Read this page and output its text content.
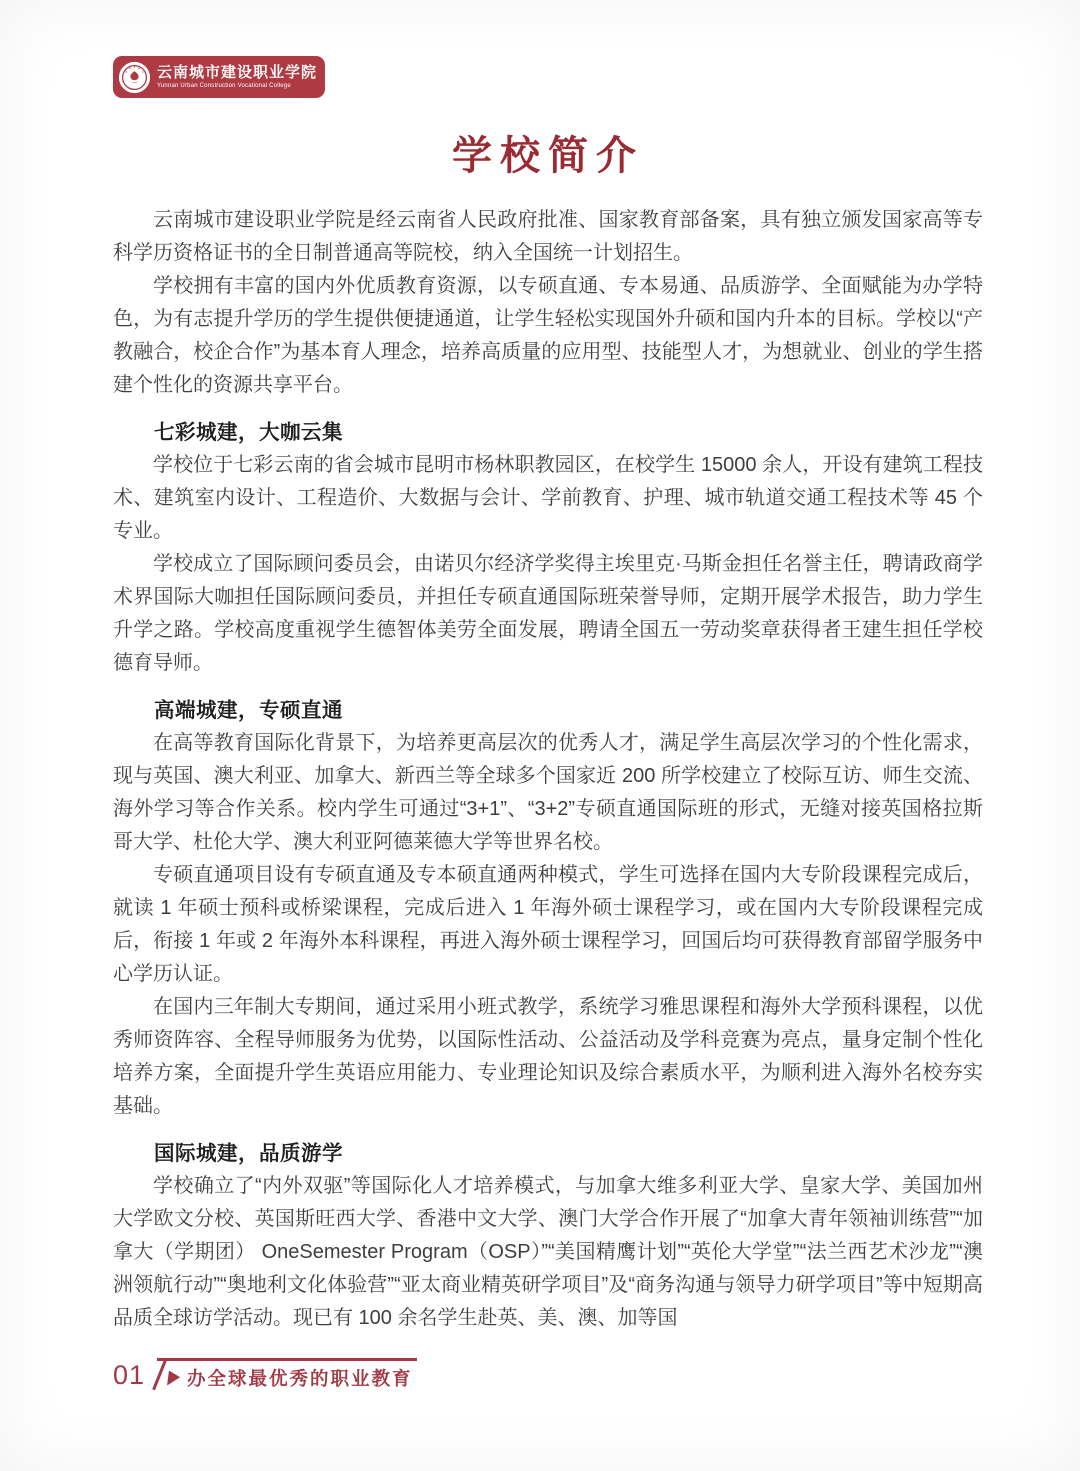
云南城市建设职业学院
Yunnan Urban Construction Vocational College
学校简介

云南城市建设职业学院是经云南省人民政府批准、国家教育部备案，具有独立颁发国家高等专科学历资格证书的全日制普通高等院校，纳入全国统一计划招生。

学校拥有丰富的国内外优质教育资源，以专硕直通、专本易通、品质游学、全面赋能为办学特色，为有志提升学历的学生提供便捷通道，让学生轻松实现国外升硕和国内升本的目标。学校以“产教融合，校企合作”为基本育人理念，培养高质量的应用型、技能型人才，为想就业、创业的学生搭建个性化的资源共享平台。

七彩城建，大咖云集

学校位于七彩云南的省会城市昆明市杨林职教园区，在校学生 15000 余人，开设有建筑工程技术、建筑室内设计、工程造价、大数据与会计、学前教育、护理、城市轨道交通工程技术等 45 个专业。

学校成立了国际顾问委员会，由诺贝尔经济学奖得主埃里克·马斯金担任名誉主任，聘请政商学术界国际大咖担任国际顾问委员，并担任专硕直通国际班荣誉导师，定期开展学术报告，助力学生升学之路。学校高度重视学生德智体美劳全面发展，聘请全国五一劳动奖章获得者王建生担任学校德育导师。

高端城建，专硕直通

在高等教育国际化背景下，为培养更高层次的优秀人才，满足学生高层次学习的个性化需求，现与英国、澳大利亚、加拿大、新西兰等全球多个国家近 200 所学校建立了校际互访、师生交流、海外学习等合作关系。校内学生可通过“3+1”、“3+2”专硕直通国际班的形式，无缝对接英国格拉斯哥大学、杜伦大学、澳大利亚阿德莱德大学等世界名校。

专硕直通项目设有专硕直通及专本硕直通两种模式，学生可选择在国内大专阶段课程完成后，就读 1 年硕士预科或桥梁课程，完成后进入 1 年海外硕士课程学习，或在国内大专阶段课程完成后，衔接 1 年或 2 年海外本科课程，再进入海外硕士课程学习，回国后均可获得教育部留学服务中心学历认证。

在国内三年制大专期间，通过采用小班式教学，系统学习雅思课程和海外大学预科课程，以优秀师资阵容、全程导师服务为优势，以国际性活动、公益活动及学科竞赛为亮点，量身定制个性化培养方案，全面提升学生英语应用能力、专业理论知识及综合素质水平，为顺利进入海外名校夯实基础。

国际城建，品质游学

学校确立了“内外双驱”等国际化人才培养模式，与加拿大维多利亚大学、皇家大学、美国加州大学欧文分校、英国斯旺西大学、香港中文大学、澳门大学合作开展了“加拿大青年领袖训练营”“加拿大（学期团） OneSemester Program（OSP）”“美国精鹰计划”“英伦大学堂”“法兰西艺术沙龙”“澳洲领航行动”“奥地利文化体验营”“亚太商业精英研学项目”及“商务沟通与领导力研学项目”等中短期高品质全球访学活动。现已有 100 余名学生赴英、美、澳、加等国

01 办全球最优秀的职业教育
